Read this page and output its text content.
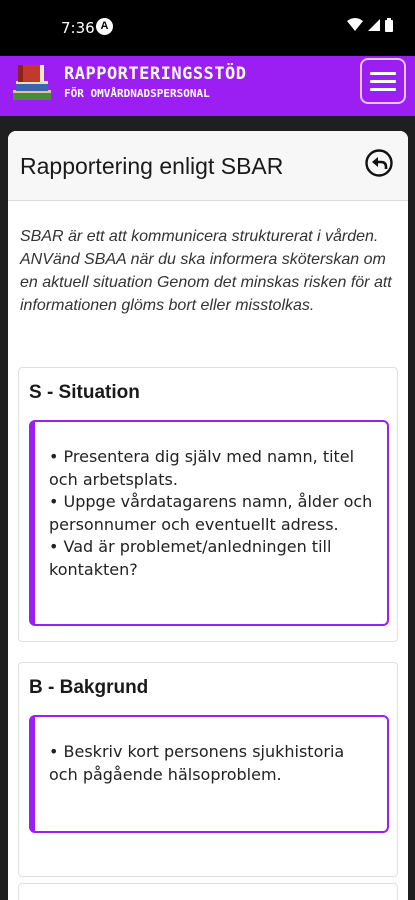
7:36 A
RAPPORTERINGSSTÖD
FÖR OMVÅRDNADSPERSONAL
Rapportering enligt SBAR

SBAR är ett att kommunicera strukturerat i vården. ANVänd SBAA när du ska informera sköterskan om en aktuell situation Genom det minskas risken för att informationen glöms bort eller misstolkas.

S - Situation

• Presentera dig själv med namn, titel och arbetsplats.

• Uppge vårdatagarens namn, ålder och personnumer och eventuellt adress.

• Vad är problemet/anledningen till kontakten?

B - Bakgrund

• Beskriv kort personens sjukhistoria och pågående hälsoproblem.
